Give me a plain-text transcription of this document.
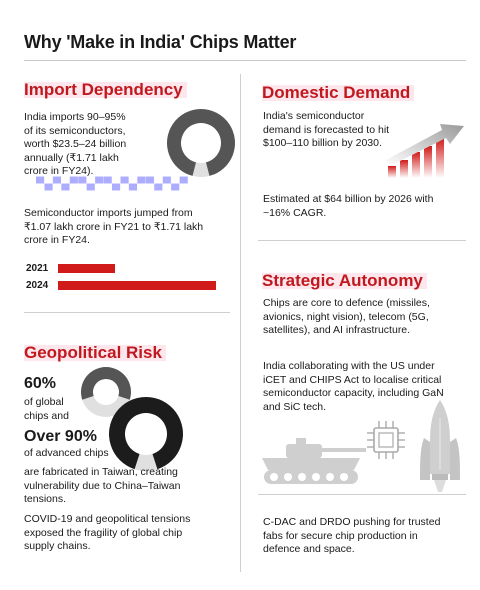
Why 'Make in India' Chips Matter
Import Dependency
India imports 90–95%
of its semiconductors,
worth $23.5–24 billion
annually (₹1.71 lakh
crore in FY24).
▀▄▀▄▀▀▄▀▀▄▀▄▀▀▄▀▄▀
Semiconductor imports jumped from
₹1.07 lakh crore in FY21 to ₹1.71 lakh
crore in FY24.
2021
2024
Domestic Demand
India's semiconductor
demand is forecasted to hit
$100–110 billion by 2030.
Estimated at $64 billion by 2026 with
~16% CAGR.
Strategic Autonomy
Chips are core to defence (missiles,
avionics, night vision), telecom (5G,
satellites), and AI infrastructure.
India collaborating with the US under
iCET and CHIPS Act to localise critical
semiconductor capacity, including GaN
and SiC tech.
C-DAC and DRDO pushing for trusted
fabs for secure chip production in
defence and space.
Geopolitical Risk
60%
of global
chips and
Over 90%
of advanced chips
are fabricated in Taiwan, creating
vulnerability due to China–Taiwan
tensions.
COVID-19 and geopolitical tensions
exposed the fragility of global chip
supply chains.
